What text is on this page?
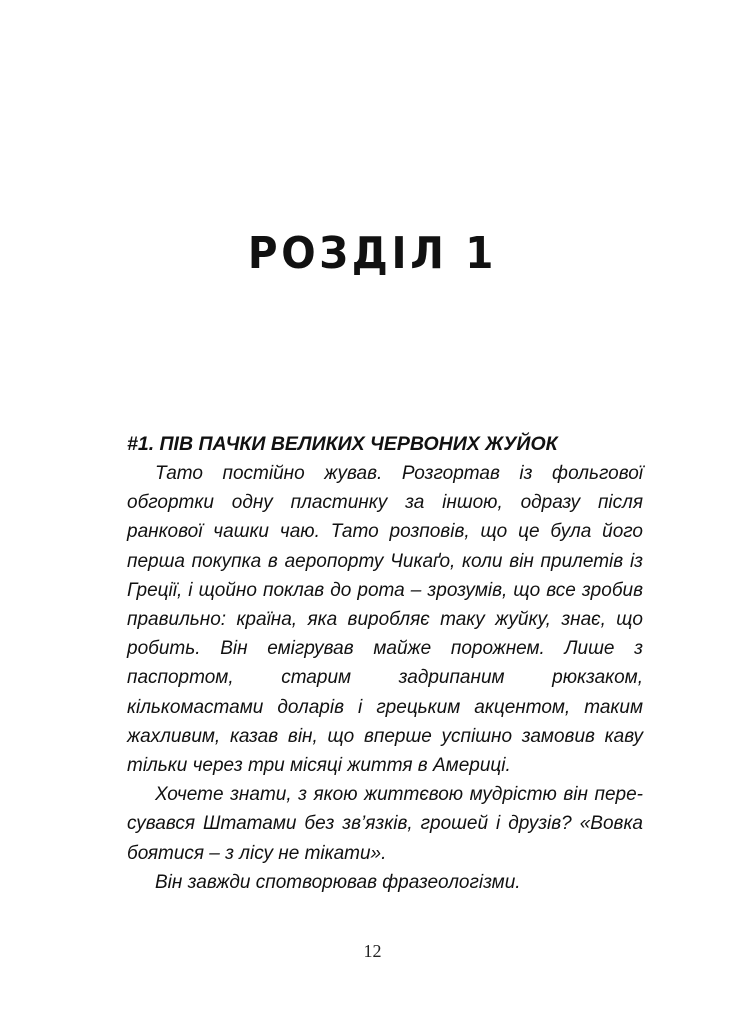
РОЗДІЛ 1
#1. ПІВ ПАЧКИ ВЕЛИКИХ ЧЕРВОНИХ ЖУЙОК

Тато постійно жував. Розгортав із фольгової обгортки одну пластинку за іншою, одразу після ранкової чашки чаю. Тато розповів, що це була його перша покупка в аеропорту Чикаґо, коли він прилетів із Греції, і щойно поклав до рота – зрозумів, що все зробив правильно: країна, яка виробляє таку жуйку, знає, що робить. Він емігрував майже порожнем. Лише з паспортом, старим задрипаним рюкзаком, кількомастами доларів і грецьким акцентом, таким жахливим, казав він, що вперше успішно замовив каву тільки через три місяці життя в Америці.

Хочете знати, з якою життєвою мудрістю він пересувався Штатами без зв’язків, грошей і друзів? «Вовка боятися – з лісу не тікати».

Він завжди спотворював фразеологізми.

12
